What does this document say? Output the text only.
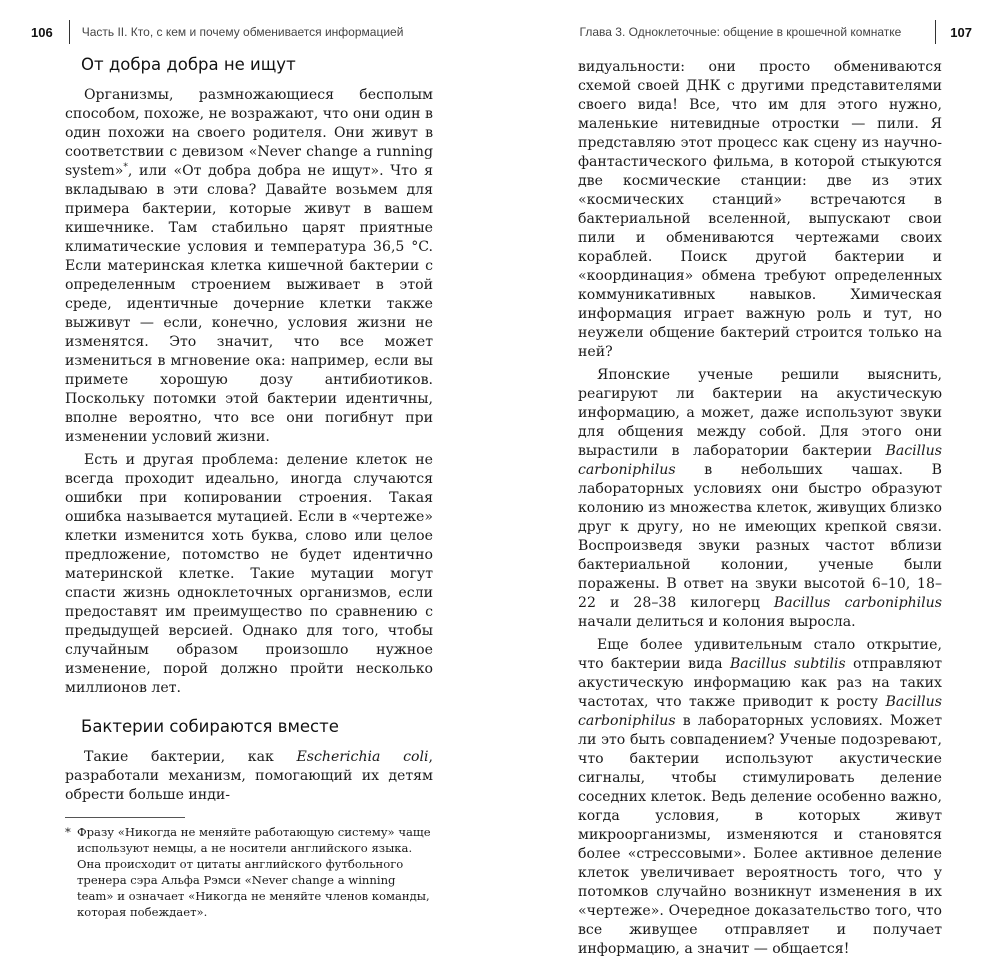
106 Часть II. Кто, с кем и почему обменивается информацией
От добра добра не ищут

Организмы, размножающиеся бесполым способом, похоже, не возражают, что они один в один похожи на своего родителя. Они живут в соответствии с девизом «Never change a running system»*, или «От добра добра не ищут». Что я вкладываю в эти слова? Давайте возьмем для примера бактерии, которые живут в вашем кишечнике. Там стабильно царят приятные климатические условия и температура 36,5 °C. Если материнская клетка кишечной бактерии с определенным строением выживает в этой среде, идентичные дочерние клетки также выживут — если, конечно, условия жизни не изменятся. Это значит, что все может измениться в мгновение ока: например, если вы примете хорошую дозу антибиотиков. Поскольку потомки этой бактерии идентичны, вполне вероятно, что все они погибнут при изменении условий жизни.

Есть и другая проблема: деление клеток не всегда проходит идеально, иногда случаются ошибки при копировании строения. Такая ошибка называется мутацией. Если в «чертеже» клетки изменится хоть буква, слово или целое предложение, потомство не будет идентично материнской клетке. Такие мутации могут спасти жизнь одноклеточных организмов, если предоставят им преимущество по сравнению с предыдущей версией. Однако для того, чтобы случайным образом произошло нужное изменение, порой должно пройти несколько миллионов лет.

Бактерии собираются вместе

Такие бактерии, как Escherichia coli, разработали механизм, помогающий их детям обрести больше инди-

* Фразу «Никогда не меняйте работающую систему» чаще используют немцы, а не носители английского языка. Она происходит от цитаты английского футбольного тренера сэра Альфа Рэмси «Never change a winning team» и означает «Никогда не меняйте членов команды, которая побеждает».
Глава 3. Одноклеточные: общение в крошечной комнатке	107

видуальности: они просто обмениваются схемой своей ДНК с другими представителями своего вида! Все, что им для этого нужно, маленькие нитевидные отростки — пили. Я представляю этот процесс как сцену из научно-фантастического фильма, в которой стыкуются две космические станции: две из этих «космических станций» встречаются в бактериальной вселенной, выпускают свои пили и обмениваются чертежами своих кораблей. Поиск другой бактерии и «координация» обмена требуют определенных коммуникативных навыков. Химическая информация играет важную роль и тут, но неужели общение бактерий строится только на ней?

Японские ученые решили выяснить, реагируют ли бактерии на акустическую информацию, а может, даже используют звуки для общения между собой. Для этого они вырастили в лаборатории бактерии Bacillus carboniphilus в небольших чашах. В лабораторных условиях они быстро образуют колонию из множества клеток, живущих близко друг к другу, но не имеющих крепкой связи. Воспроизведя звуки разных частот вблизи бактериальной колонии, ученые были поражены. В ответ на звуки высотой 6–10, 18–22 и 28–38 килогерц Bacillus carboniphilus начали делиться и колония выросла.

Еще более удивительным стало открытие, что бактерии вида Bacillus subtilis отправляют акустическую информацию как раз на таких частотах, что также приводит к росту Bacillus carboniphilus в лабораторных условиях. Может ли это быть совпадением? Ученые подозревают, что бактерии используют акустические сигналы, чтобы стимулировать деление соседних клеток. Ведь деление особенно важно, когда условия, в которых живут микроорганизмы, изменяются и становятся более «стрессовыми». Более активное деление клеток увеличивает вероятность того, что у потомков случайно возникнут изменения в их «чертеже». Очередное доказательство того, что все живущее отправляет и получает информацию, а значит — общается!
